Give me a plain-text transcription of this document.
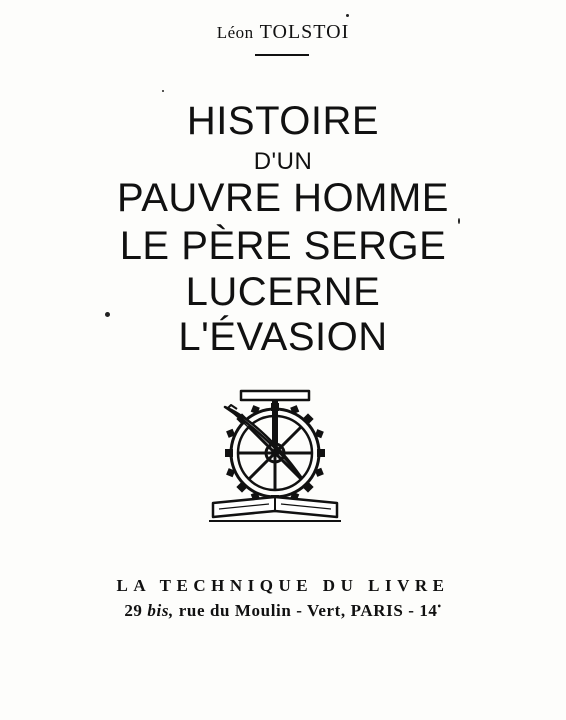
Léon TOLSTOI
HISTOIRE
D'UN
PAUVRE HOMME
LE PÈRE SERGE
LUCERNE
L'ÉVASION
LA TECHNIQUE DU LIVRE
29 bis, rue du Moulin - Vert, PARIS - 14•
